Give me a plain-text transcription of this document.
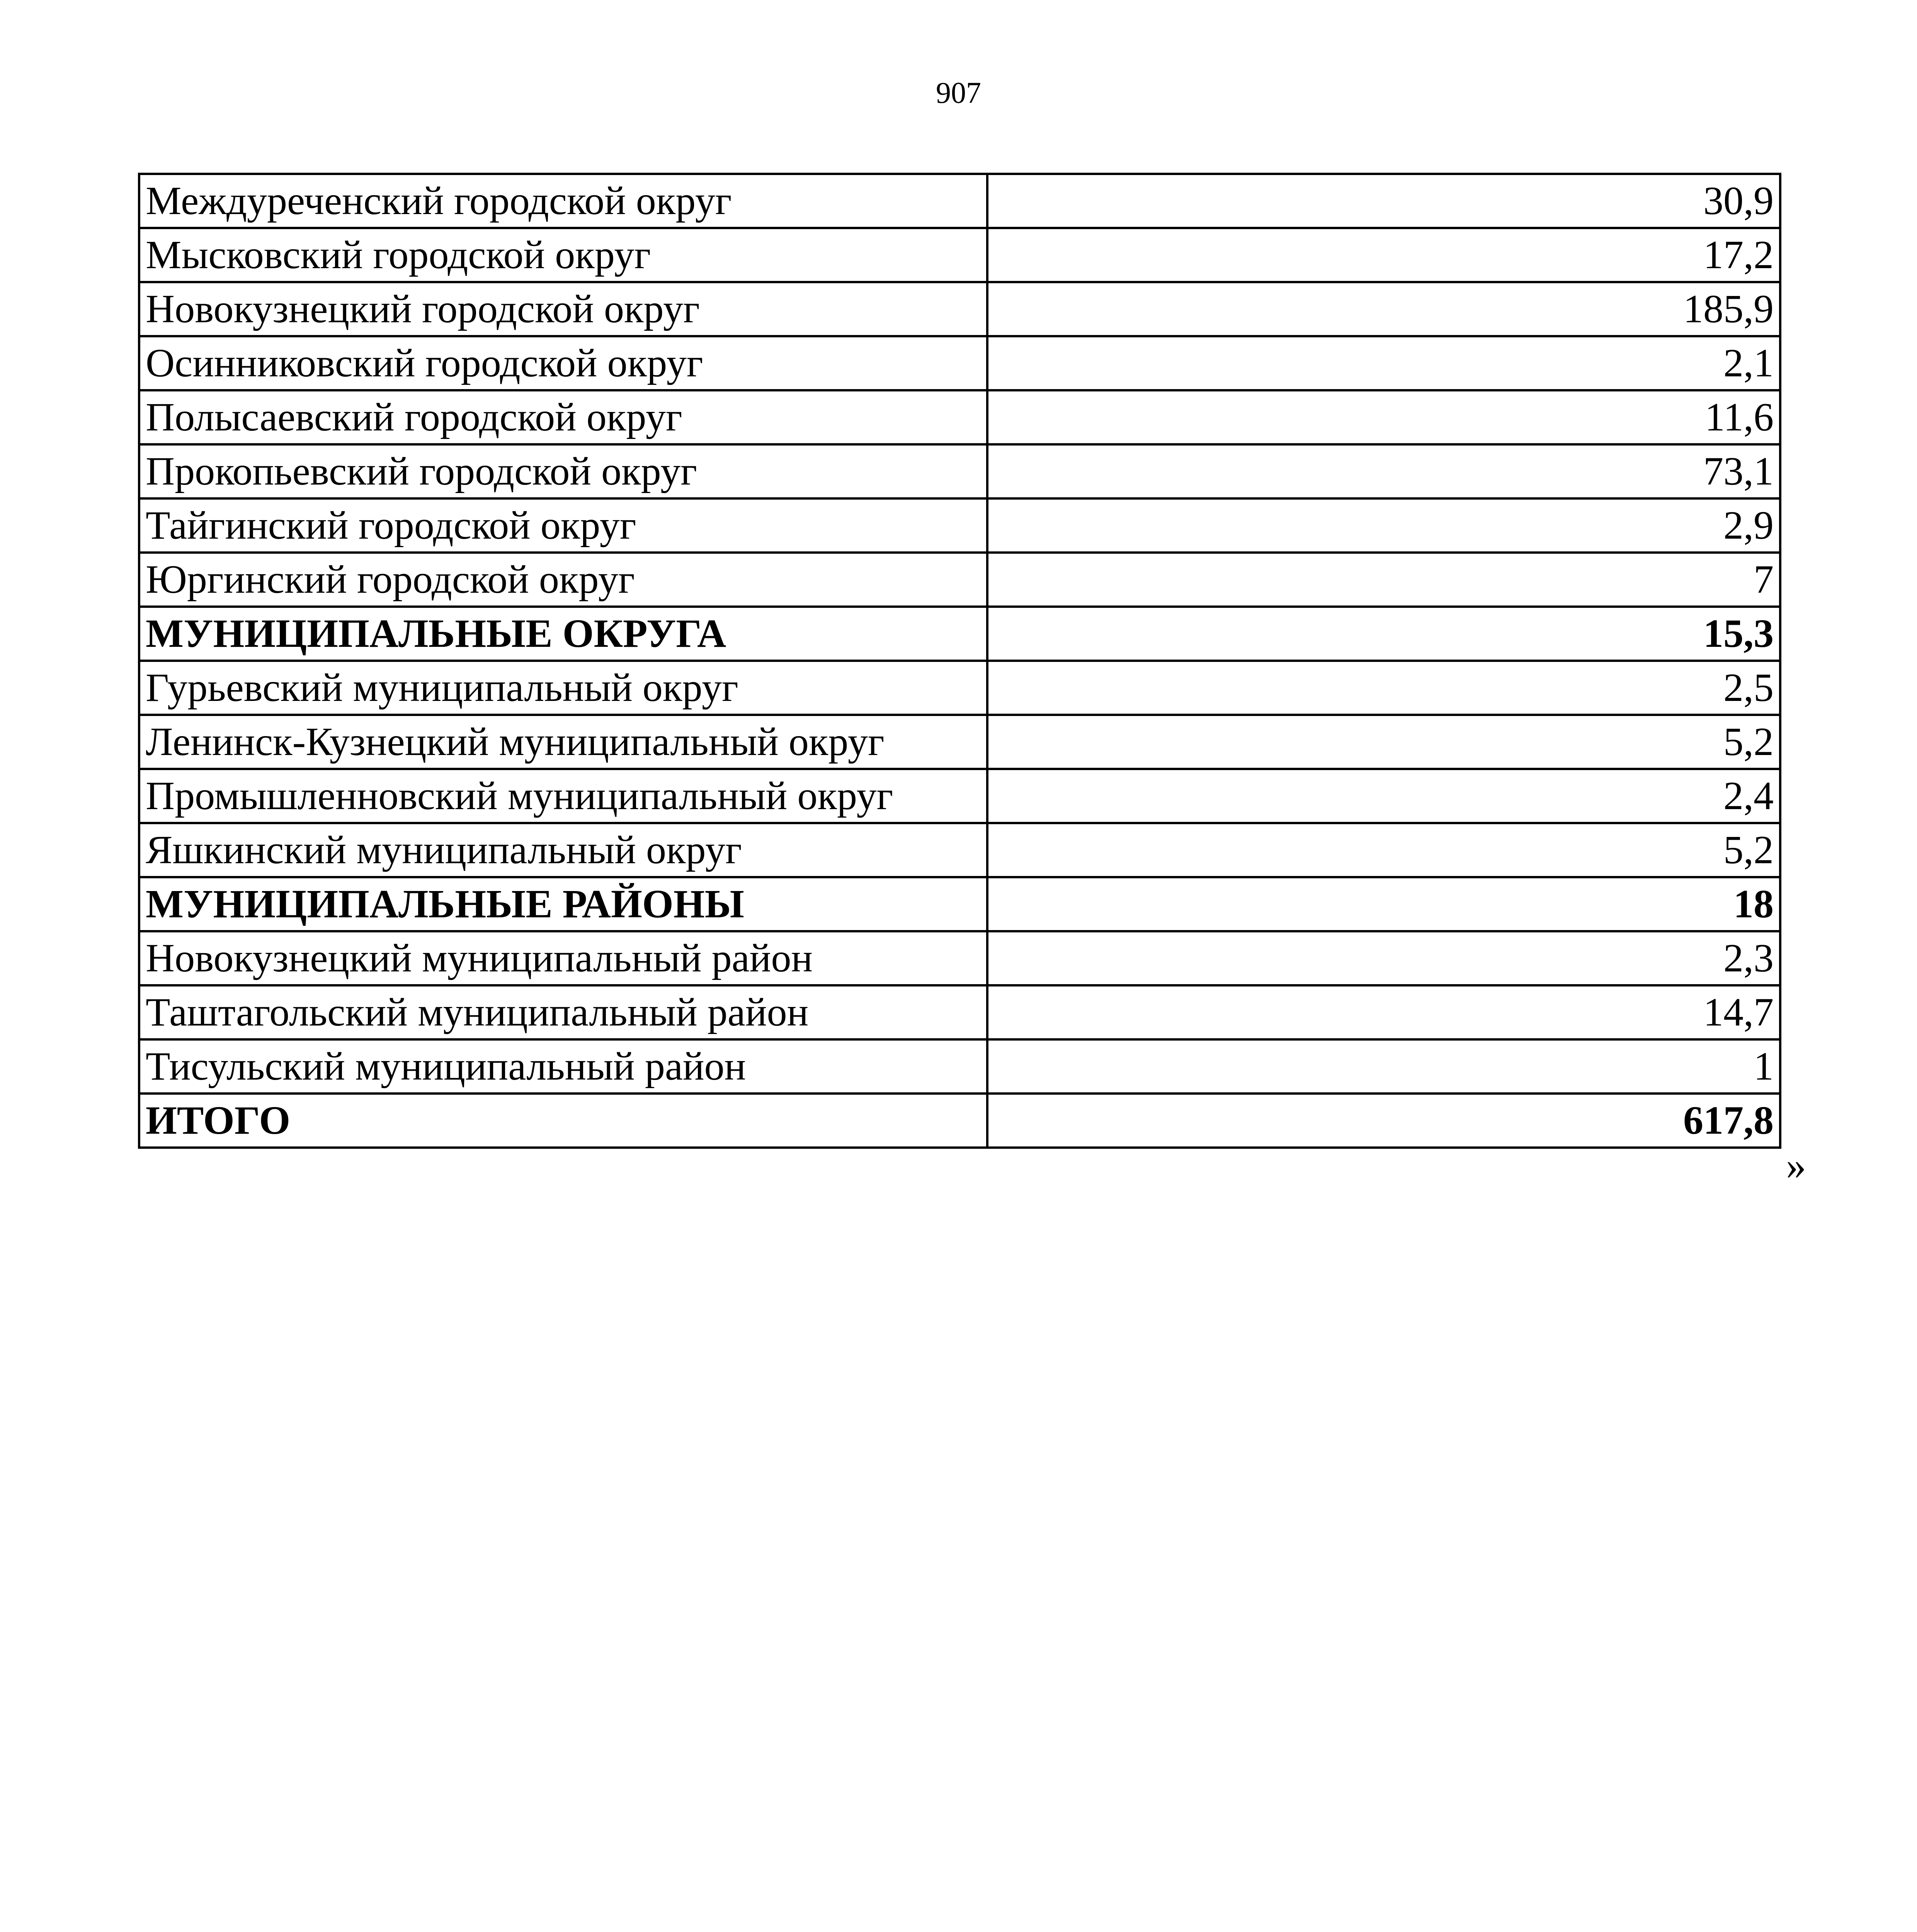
907
Междуреченский городской округ	30,9
Мысковский городской округ	17,2
Новокузнецкий городской округ	185,9
Осинниковский городской округ	2,1
Полысаевский городской округ	11,6
Прокопьевский городской округ	73,1
Тайгинский городской округ	2,9
Юргинский городской округ	7
МУНИЦИПАЛЬНЫЕ ОКРУГА	15,3
Гурьевский муниципальный округ	2,5
Ленинск-Кузнецкий муниципальный округ	5,2
Промышленновский муниципальный округ	2,4
Яшкинский муниципальный округ	5,2
МУНИЦИПАЛЬНЫЕ РАЙОНЫ	18
Новокузнецкий муниципальный район	2,3
Таштагольский муниципальный район	14,7
Тисульский муниципальный район	1
ИТОГО	617,8
»
